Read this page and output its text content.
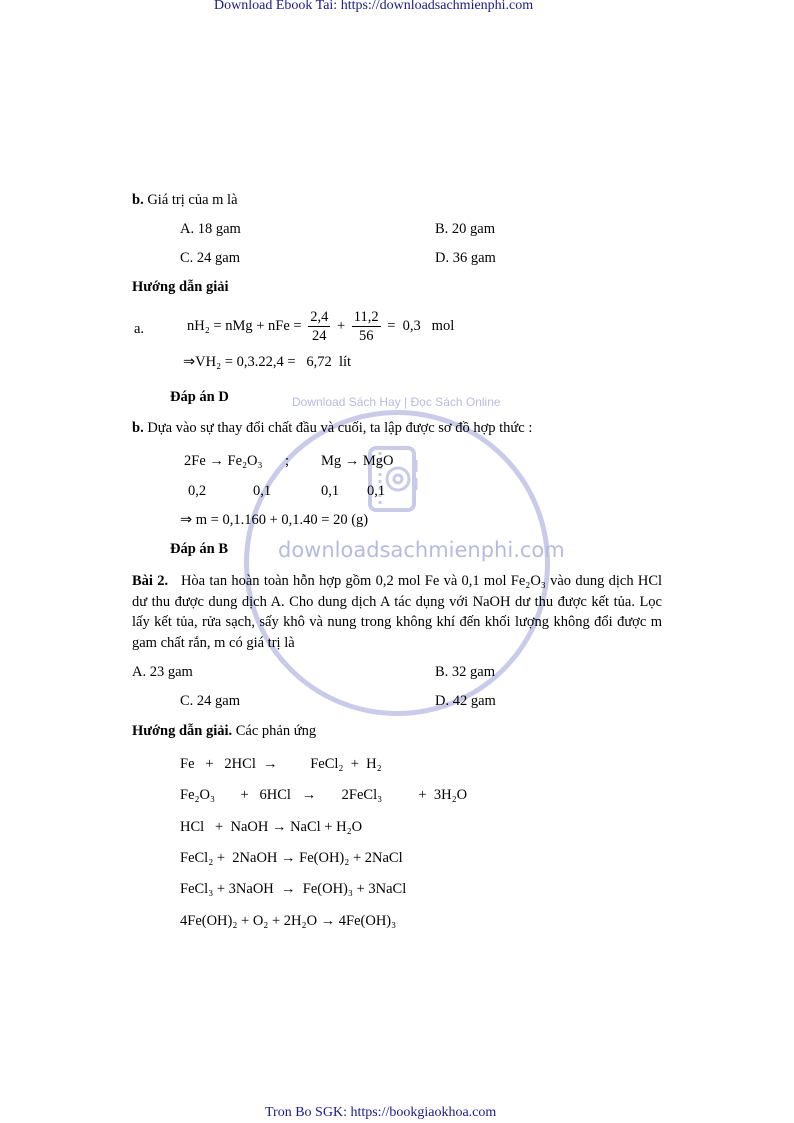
downloadsachmienphi.com
Download Sách Hay | Đọc Sách Online
Download Ebook Tai: https://downloadsachmienphi.com
b. Giá trị của m là
A. 18 gam	B. 20 gam
C. 24 gam	D. 36 gam
Hướng dẫn giải
a.	nH₂ = nMg + nFe = $\frac{2,4}{24} + \frac{11,2}{56} = 0,3$   mol
⇒VH₂ = 0,3.22,4 =   6,72  lít
Đáp án D
b. Dựa vào sự thay đổi chất đầu và cuối, ta lập được sơ đồ hợp thức :
2Fe → Fe₂O₃ ; Mg → MgO
0,2	0,1	0,1 0,1
⇒ m = 0,1.160 + 0,1.40 = 20 (g)
Đáp án B
Bài 2. Hòa tan hoàn toàn hỗn hợp gồm 0,2 mol Fe và 0,1 mol Fe₂O₃ vào dung dịch HCl dư thu được dung dịch A. Cho dung dịch A tác dụng với NaOH dư thu được kết tủa. Lọc lấy kết tủa, rửa sạch, sấy khô và nung trong không khí đến khối lượng không đổi được m gam chất rắn, m có giá trị là
A. 23 gam	B. 32 gam
C. 24 gam	D. 42 gam
Hướng dẫn giải. Các phản ứng
Fe   +   2HCl  →         FeCl₂  +  H₂
Fe₂O₃       +   6HCl   →       2FeCl₃          +  3H₂O
HCl   +  NaOH → NaCl + H₂O
FeCl₂ +  2NaOH → Fe(OH)₂ + 2NaCl
FeCl₃ + 3NaOH  →  Fe(OH)₃ + 3NaCl
4Fe(OH)₂ + O₂ + 2H₂O → 4Fe(OH)₃
Tron Bo SGK: https://bookgiaokhoa.com
